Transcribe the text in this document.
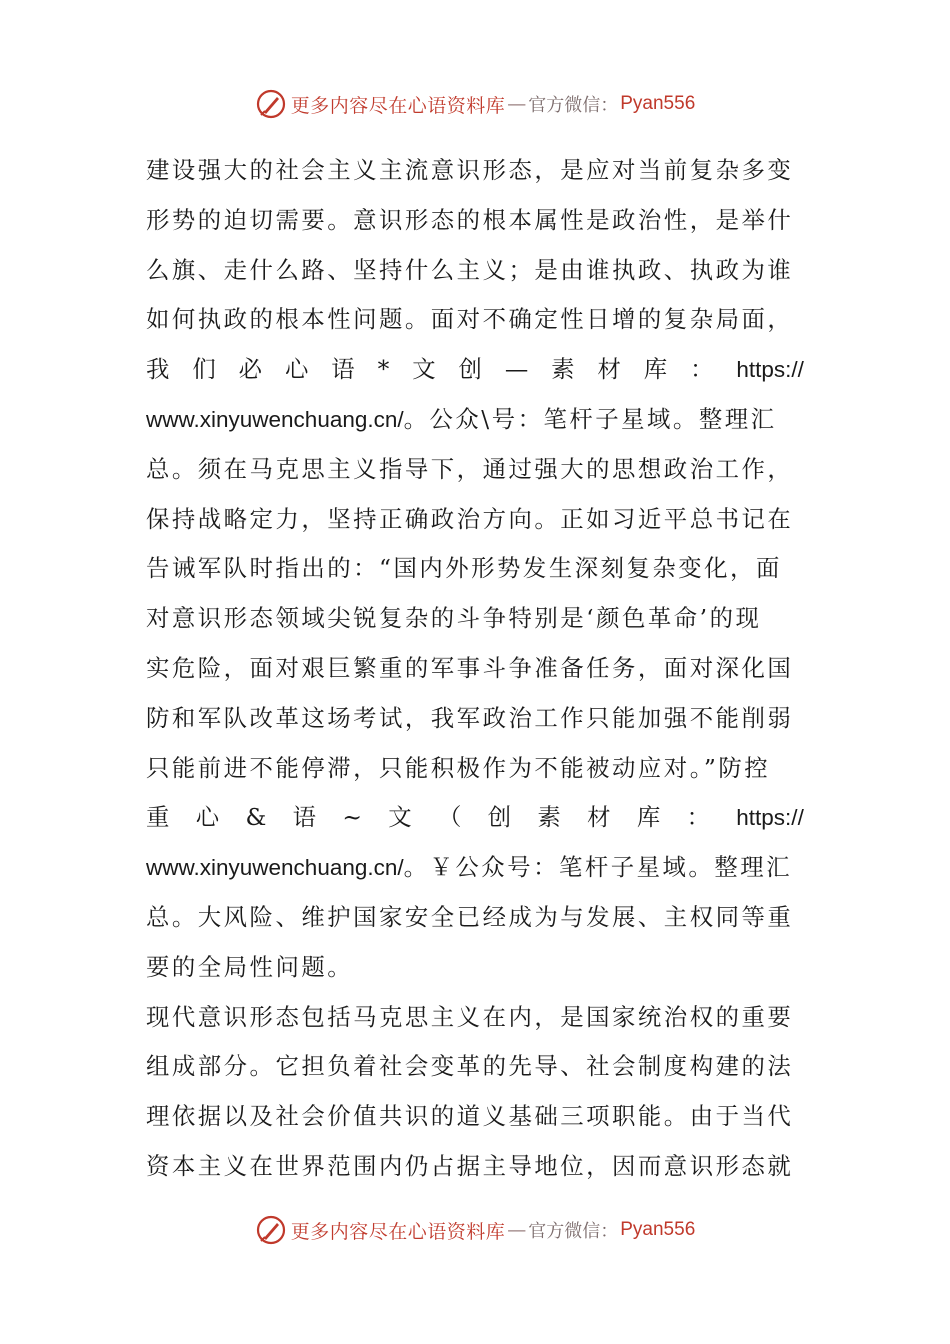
更多内容尽在心语资料库 — 官方微信： Pyan556
建设强大的社会主义主流意识形态，是应对当前复杂多变
形势的迫切需要。意识形态的根本属性是政治性，是举什
么旗、走什么路、坚持什么主义；是由谁执政、执政为谁
如何执政的根本性问题。面对不确定性日增的复杂局面，
我 们 必 心 语 * 文 创 — 素 材 库 ： https://
www.xinyuwenchuang.cn/。公众\号：笔杆子星域。整理汇
总。须在马克思主义指导下，通过强大的思想政治工作，
保持战略定力，坚持正确政治方向。正如习近平总书记在
告诫军队时指出的：“国内外形势发生深刻复杂变化，面
对意识形态领域尖锐复杂的斗争特别是‘颜色革命’的现
实危险，面对艰巨繁重的军事斗争准备任务，面对深化国
防和军队改革这场考试，我军政治工作只能加强不能削弱
只能前进不能停滞，只能积极作为不能被动应对。”防控
重 心 & 语 ~ 文 （ 创 素 材 库 ： https://
www.xinyuwenchuang.cn/。￥公众号：笔杆子星域。整理汇
总。大风险、维护国家安全已经成为与发展、主权同等重
要的全局性问题。
现代意识形态包括马克思主义在内，是国家统治权的重要
组成部分。它担负着社会变革的先导、社会制度构建的法
理依据以及社会价值共识的道义基础三项职能。由于当代
资本主义在世界范围内仍占据主导地位，因而意识形态就
更多内容尽在心语资料库 — 官方微信： Pyan556
